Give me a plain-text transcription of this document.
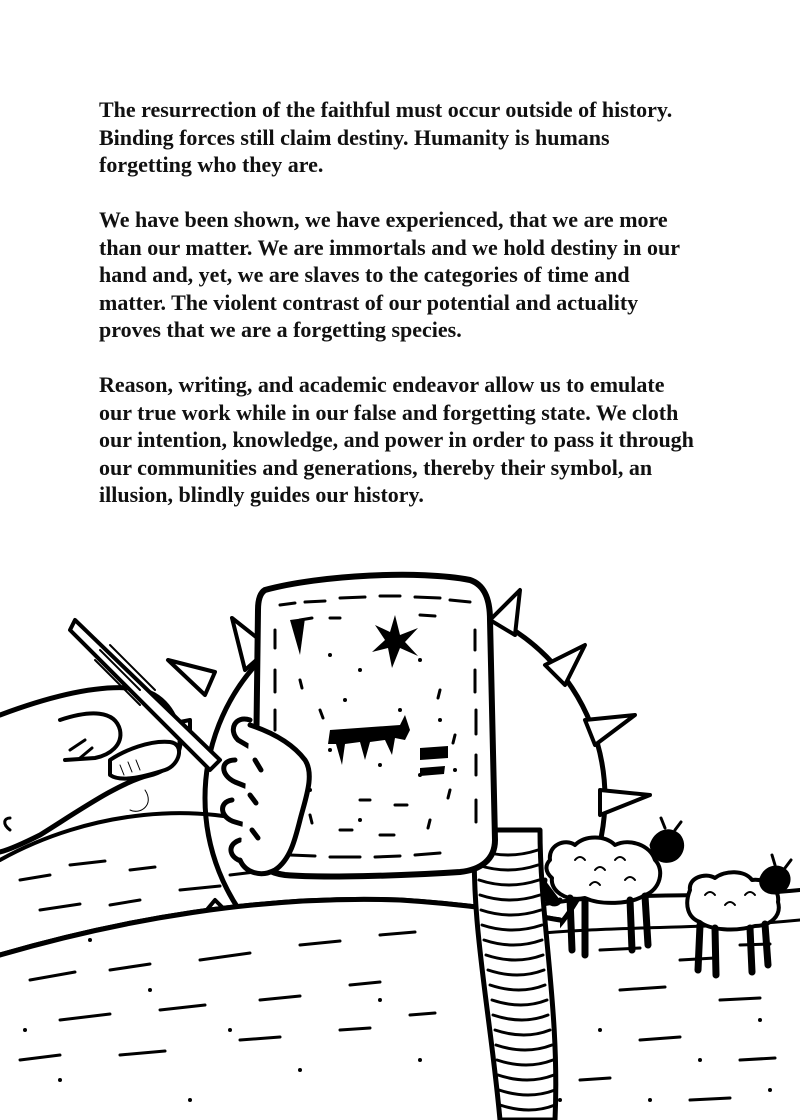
The resurrection of the faithful must occur outside of history. Binding forces still claim destiny. Humanity is humans forgetting who they are.

We have been shown, we have experienced, that we are more than our matter. We are immortals and we hold destiny in our hand and, yet, we are slaves to the categories of time and matter. The violent contrast of our potential and actuality proves that we are a forgetting species.

Reason, writing, and academic endeavor allow us to emulate our true work while in our false and forgetting state. We cloth our intention, knowledge, and power in order to pass it through our communities and generations, thereby their symbol, an illusion, blindly guides our history.
